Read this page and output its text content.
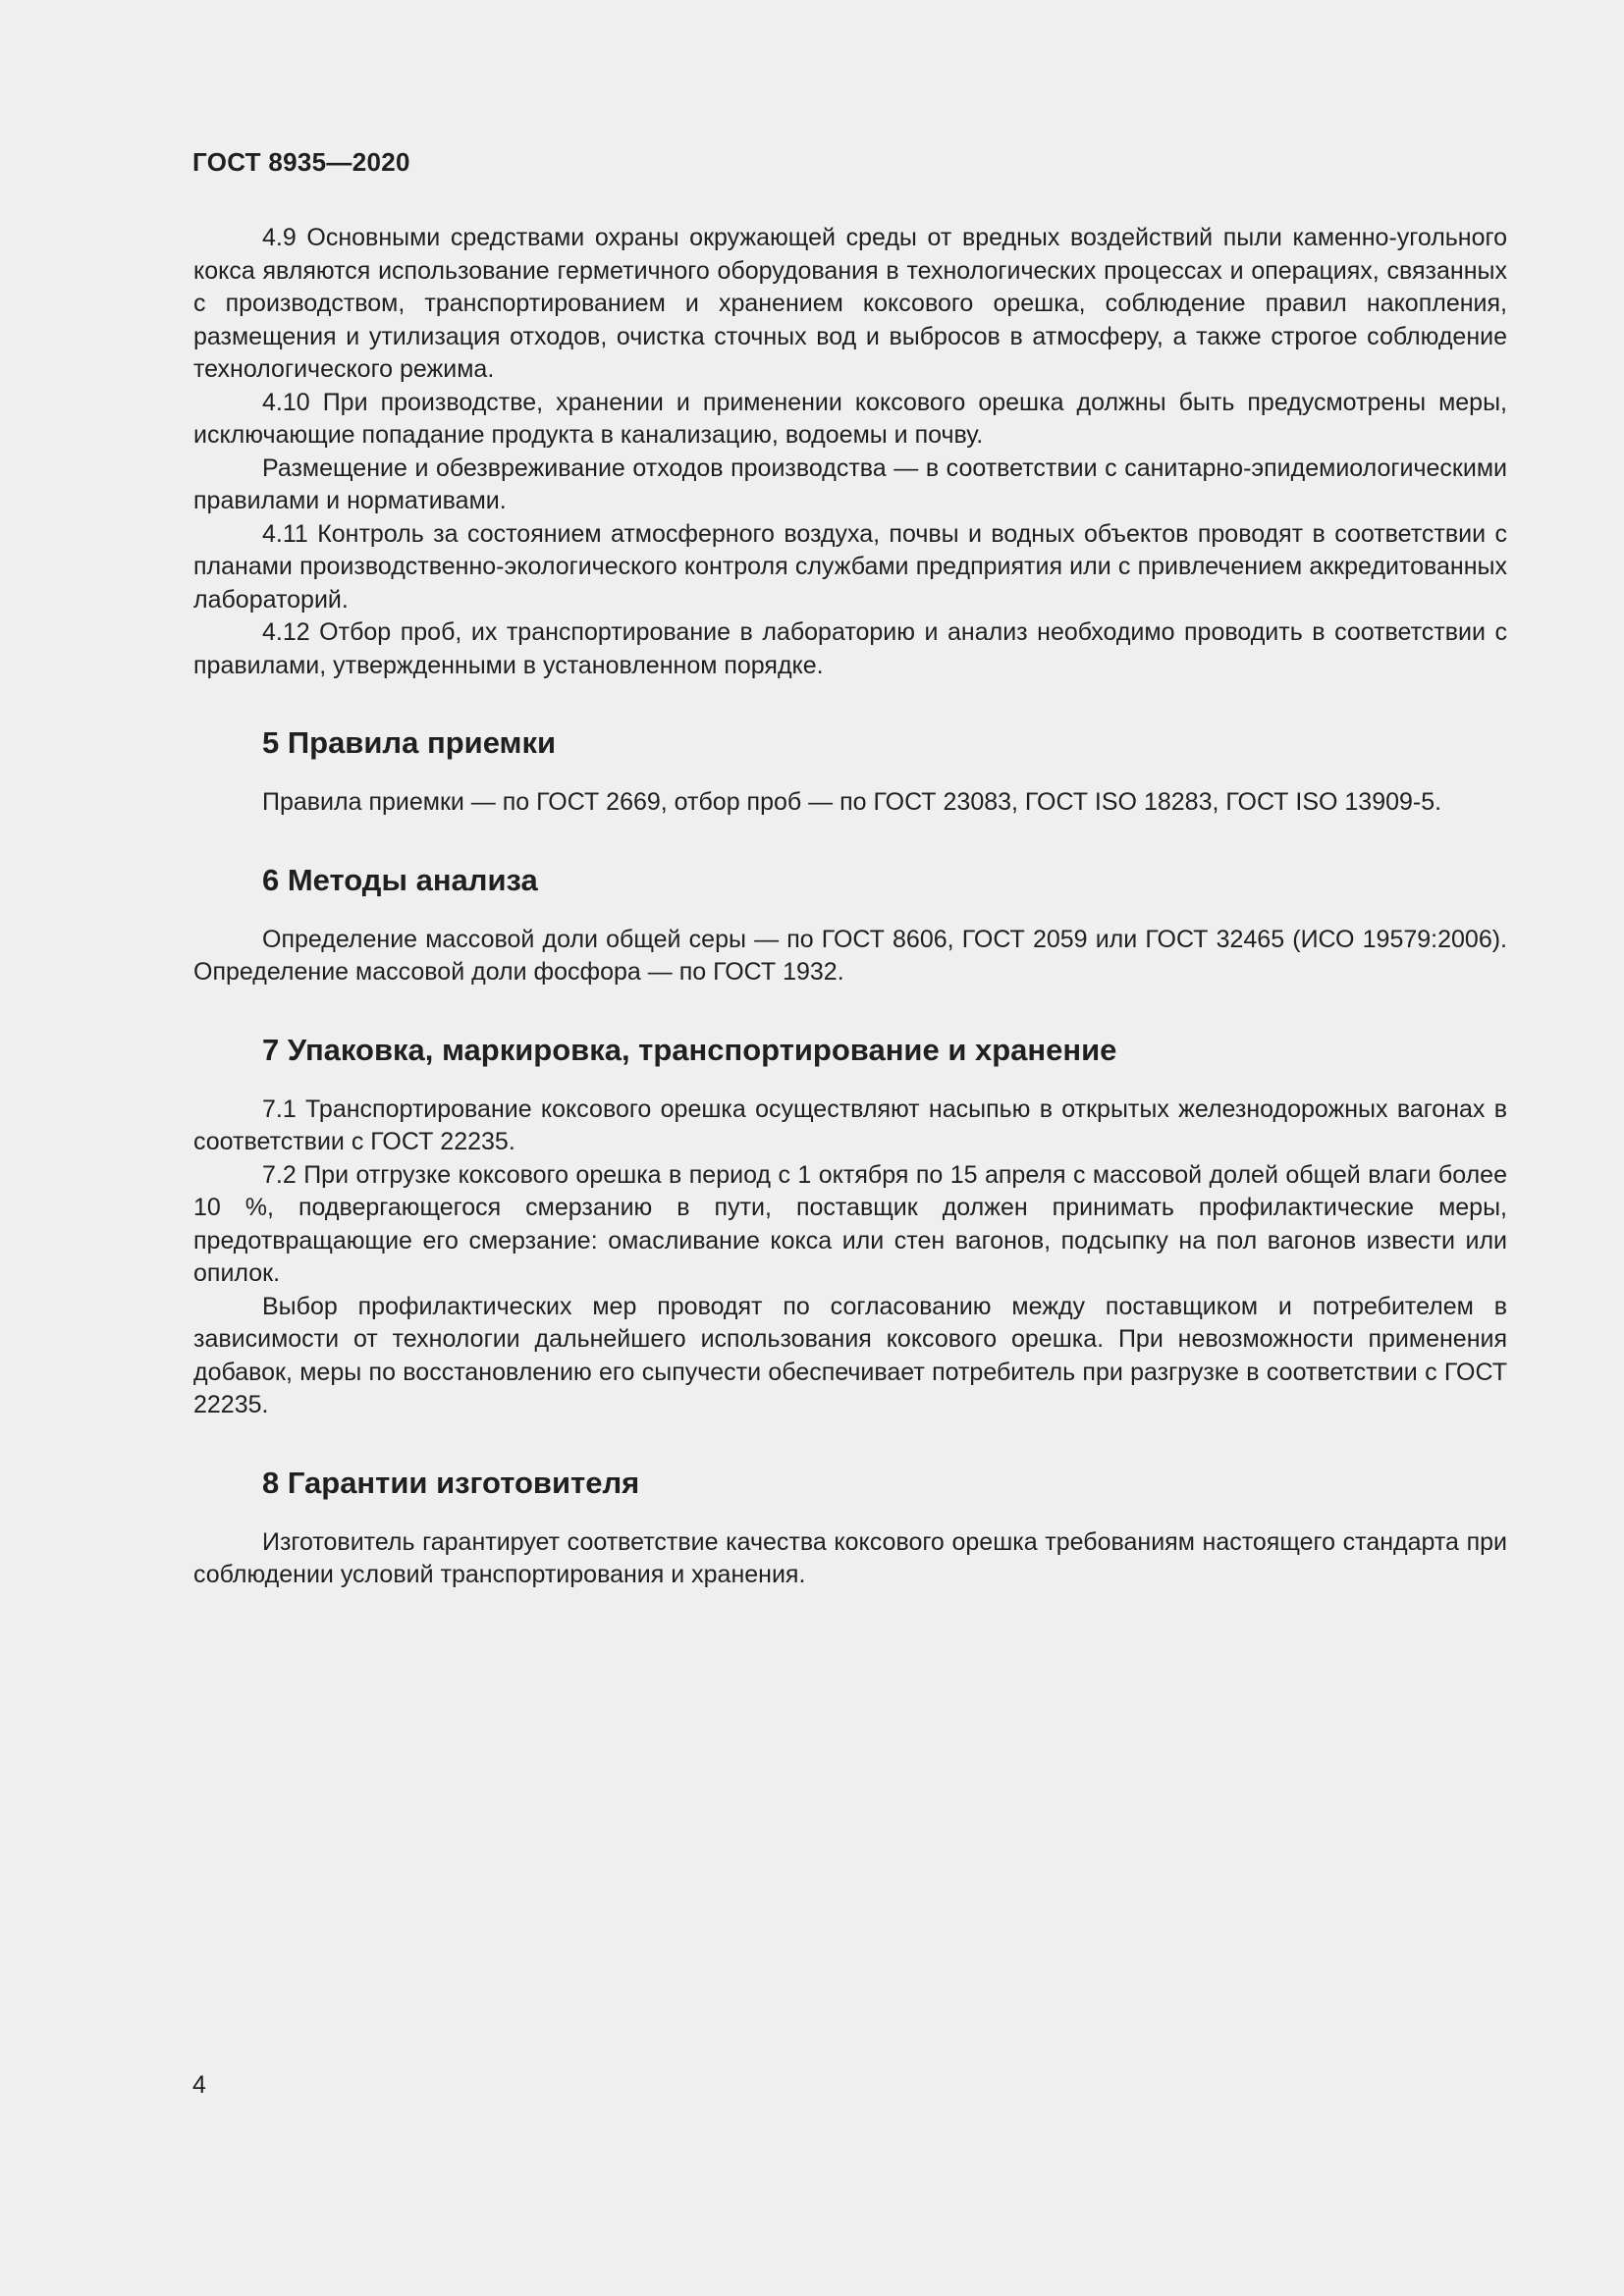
ГОСТ 8935—2020

4.9 Основными средствами охраны окружающей среды от вредных воздействий пыли каменно-угольного кокса являются использование герметичного оборудования в технологических процессах и операциях, связанных с производством, транспортированием и хранением коксового орешка, соблюдение правил накопления, размещения и утилизация отходов, очистка сточных вод и выбросов в атмосферу, а также строгое соблюдение технологического режима.

4.10 При производстве, хранении и применении коксового орешка должны быть предусмотрены меры, исключающие попадание продукта в канализацию, водоемы и почву.

Размещение и обезвреживание отходов производства — в соответствии с санитарно-эпидемиологическими правилами и нормативами.

4.11 Контроль за состоянием атмосферного воздуха, почвы и водных объектов проводят в соответствии с планами производственно-экологического контроля службами предприятия или с привлечением аккредитованных лабораторий.

4.12 Отбор проб, их транспортирование в лабораторию и анализ необходимо проводить в соответствии с правилами, утвержденными в установленном порядке.

5 Правила приемки

Правила приемки — по ГОСТ 2669, отбор проб — по ГОСТ 23083, ГОСТ ISO 18283, ГОСТ ISO 13909-5.

6 Методы анализа

Определение массовой доли общей серы — по ГОСТ 8606, ГОСТ 2059 или ГОСТ 32465 (ИСО 19579:2006). Определение массовой доли фосфора — по ГОСТ 1932.

7 Упаковка, маркировка, транспортирование и хранение

7.1 Транспортирование коксового орешка осуществляют насыпью в открытых железнодорожных вагонах в соответствии с ГОСТ 22235.

7.2 При отгрузке коксового орешка в период с 1 октября по 15 апреля с массовой долей общей влаги более 10 %, подвергающегося смерзанию в пути, поставщик должен принимать профилактические меры, предотвращающие его смерзание: омасливание кокса или стен вагонов, подсыпку на пол вагонов извести или опилок.

Выбор профилактических мер проводят по согласованию между поставщиком и потребителем в зависимости от технологии дальнейшего использования коксового орешка. При невозможности применения добавок, меры по восстановлению его сыпучести обеспечивает потребитель при разгрузке в соответствии с ГОСТ 22235.

8 Гарантии изготовителя

Изготовитель гарантирует соответствие качества коксового орешка требованиям настоящего стандарта при соблюдении условий транспортирования и хранения.

4
